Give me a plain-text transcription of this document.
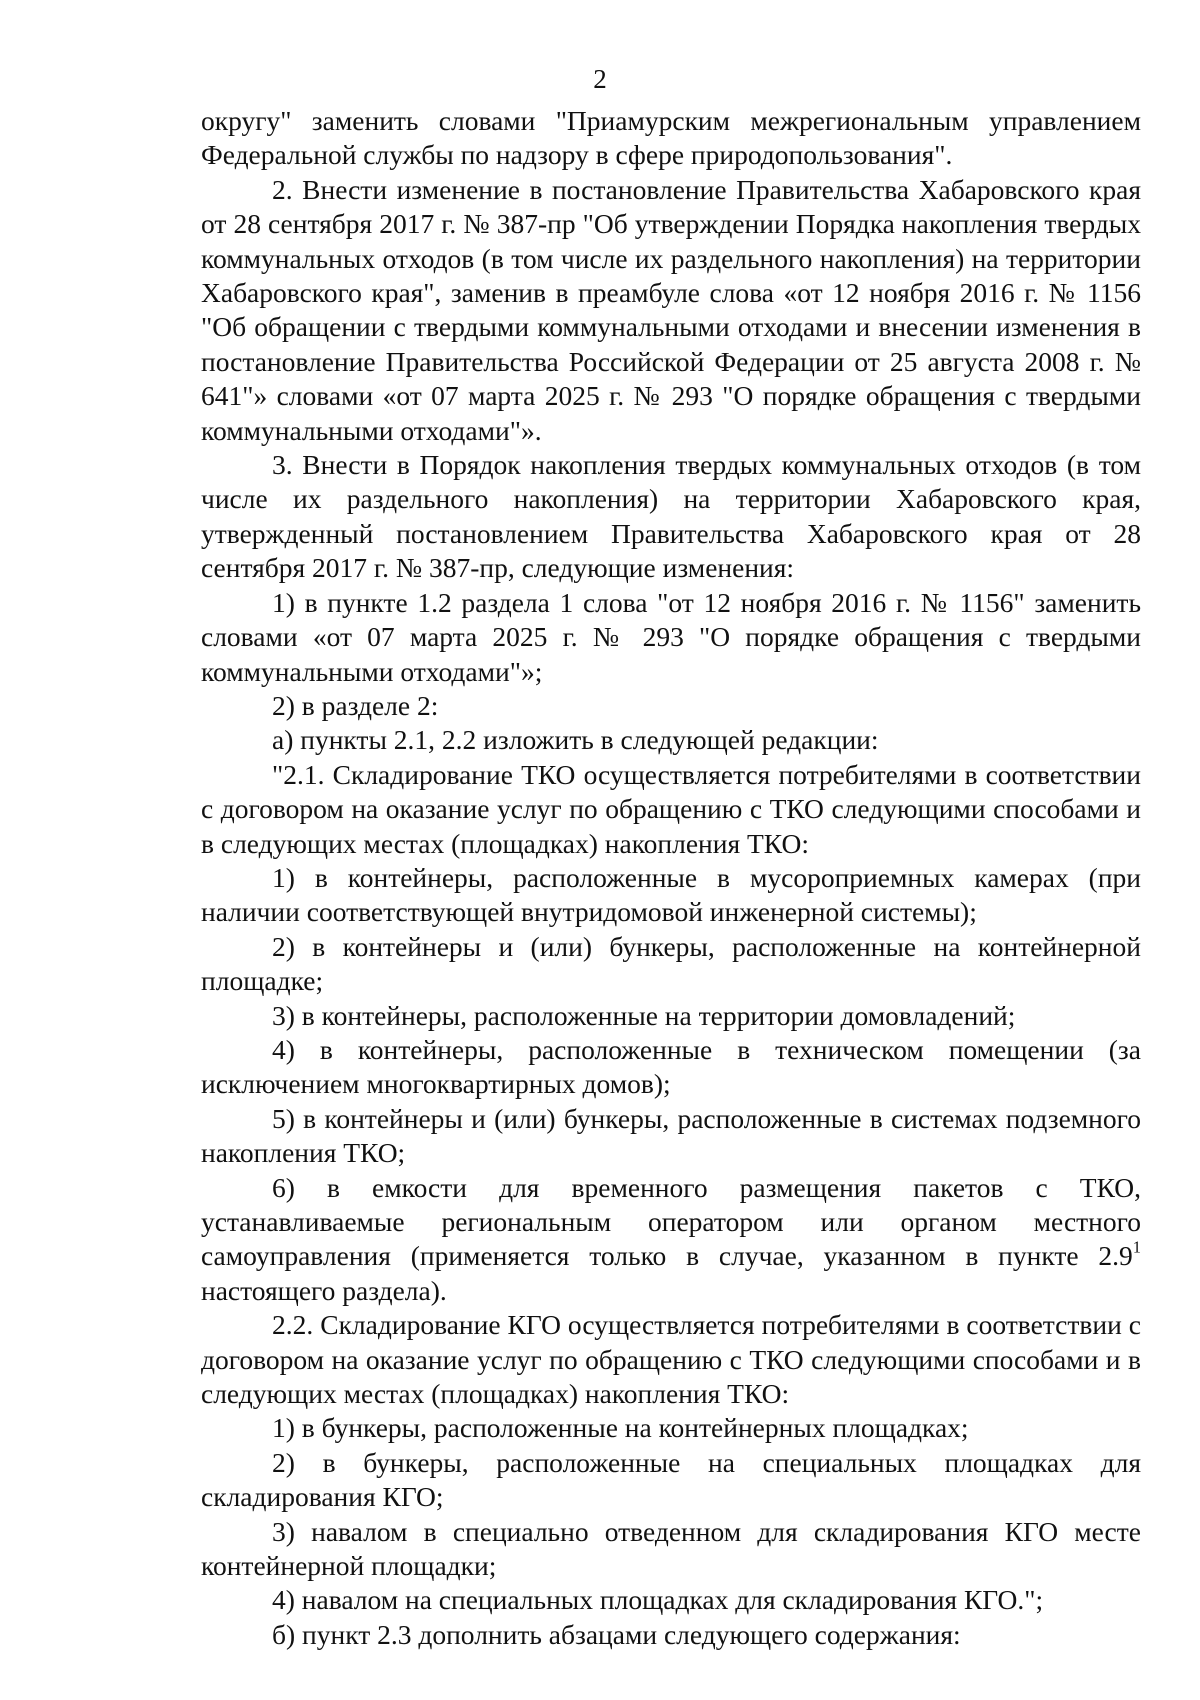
2

округу" заменить словами "Приамурским межрегиональным управлением Федеральной службы по надзору в сфере природопользования".

2. Внести изменение в постановление Правительства Хабаровского края от 28 сентября 2017 г. № 387-пр "Об утверждении Порядка накопления твердых коммунальных отходов (в том числе их раздельного накопления) на территории Хабаровского края", заменив в преамбуле слова «от 12 ноября 2016 г. № 1156 "Об обращении с твердыми коммунальными отходами и внесении изменения в постановление Правительства Российской Федерации от 25 августа 2008 г. № 641"» словами «от 07 марта 2025 г. № 293 "О порядке обращения с твердыми коммунальными отходами"».

3. Внести в Порядок накопления твердых коммунальных отходов (в том числе их раздельного накопления) на территории Хабаровского края, утвержденный постановлением Правительства Хабаровского края от 28 сентября 2017 г. № 387-пр, следующие изменения:

1) в пункте 1.2 раздела 1 слова "от 12 ноября 2016 г. № 1156" заменить словами «от 07 марта 2025 г. № 293 "О порядке обращения с твердыми коммунальными отходами"»;

2) в разделе 2:

а) пункты 2.1, 2.2 изложить в следующей редакции:

"2.1. Складирование ТКО осуществляется потребителями в соответствии с договором на оказание услуг по обращению с ТКО следующими способами и в следующих местах (площадках) накопления ТКО:

1) в контейнеры, расположенные в мусороприемных камерах (при наличии соответствующей внутридомовой инженерной системы);

2) в контейнеры и (или) бункеры, расположенные на контейнерной площадке;

3) в контейнеры, расположенные на территории домовладений;

4) в контейнеры, расположенные в техническом помещении (за исключением многоквартирных домов);

5) в контейнеры и (или) бункеры, расположенные в системах подземного накопления ТКО;

6) в емкости для временного размещения пакетов с ТКО, устанавливаемые региональным оператором или органом местного самоуправления (применяется только в случае, указанном в пункте $2.9^1$ настоящего раздела).

2.2. Складирование КГО осуществляется потребителями в соответствии с договором на оказание услуг по обращению с ТКО следующими способами и в следующих местах (площадках) накопления ТКО:

1) в бункеры, расположенные на контейнерных площадках;

2) в бункеры, расположенные на специальных площадках для складирования КГО;

3) навалом в специально отведенном для складирования КГО месте контейнерной площадки;

4) навалом на специальных площадках для складирования КГО.";

б) пункт 2.3 дополнить абзацами следующего содержания:
